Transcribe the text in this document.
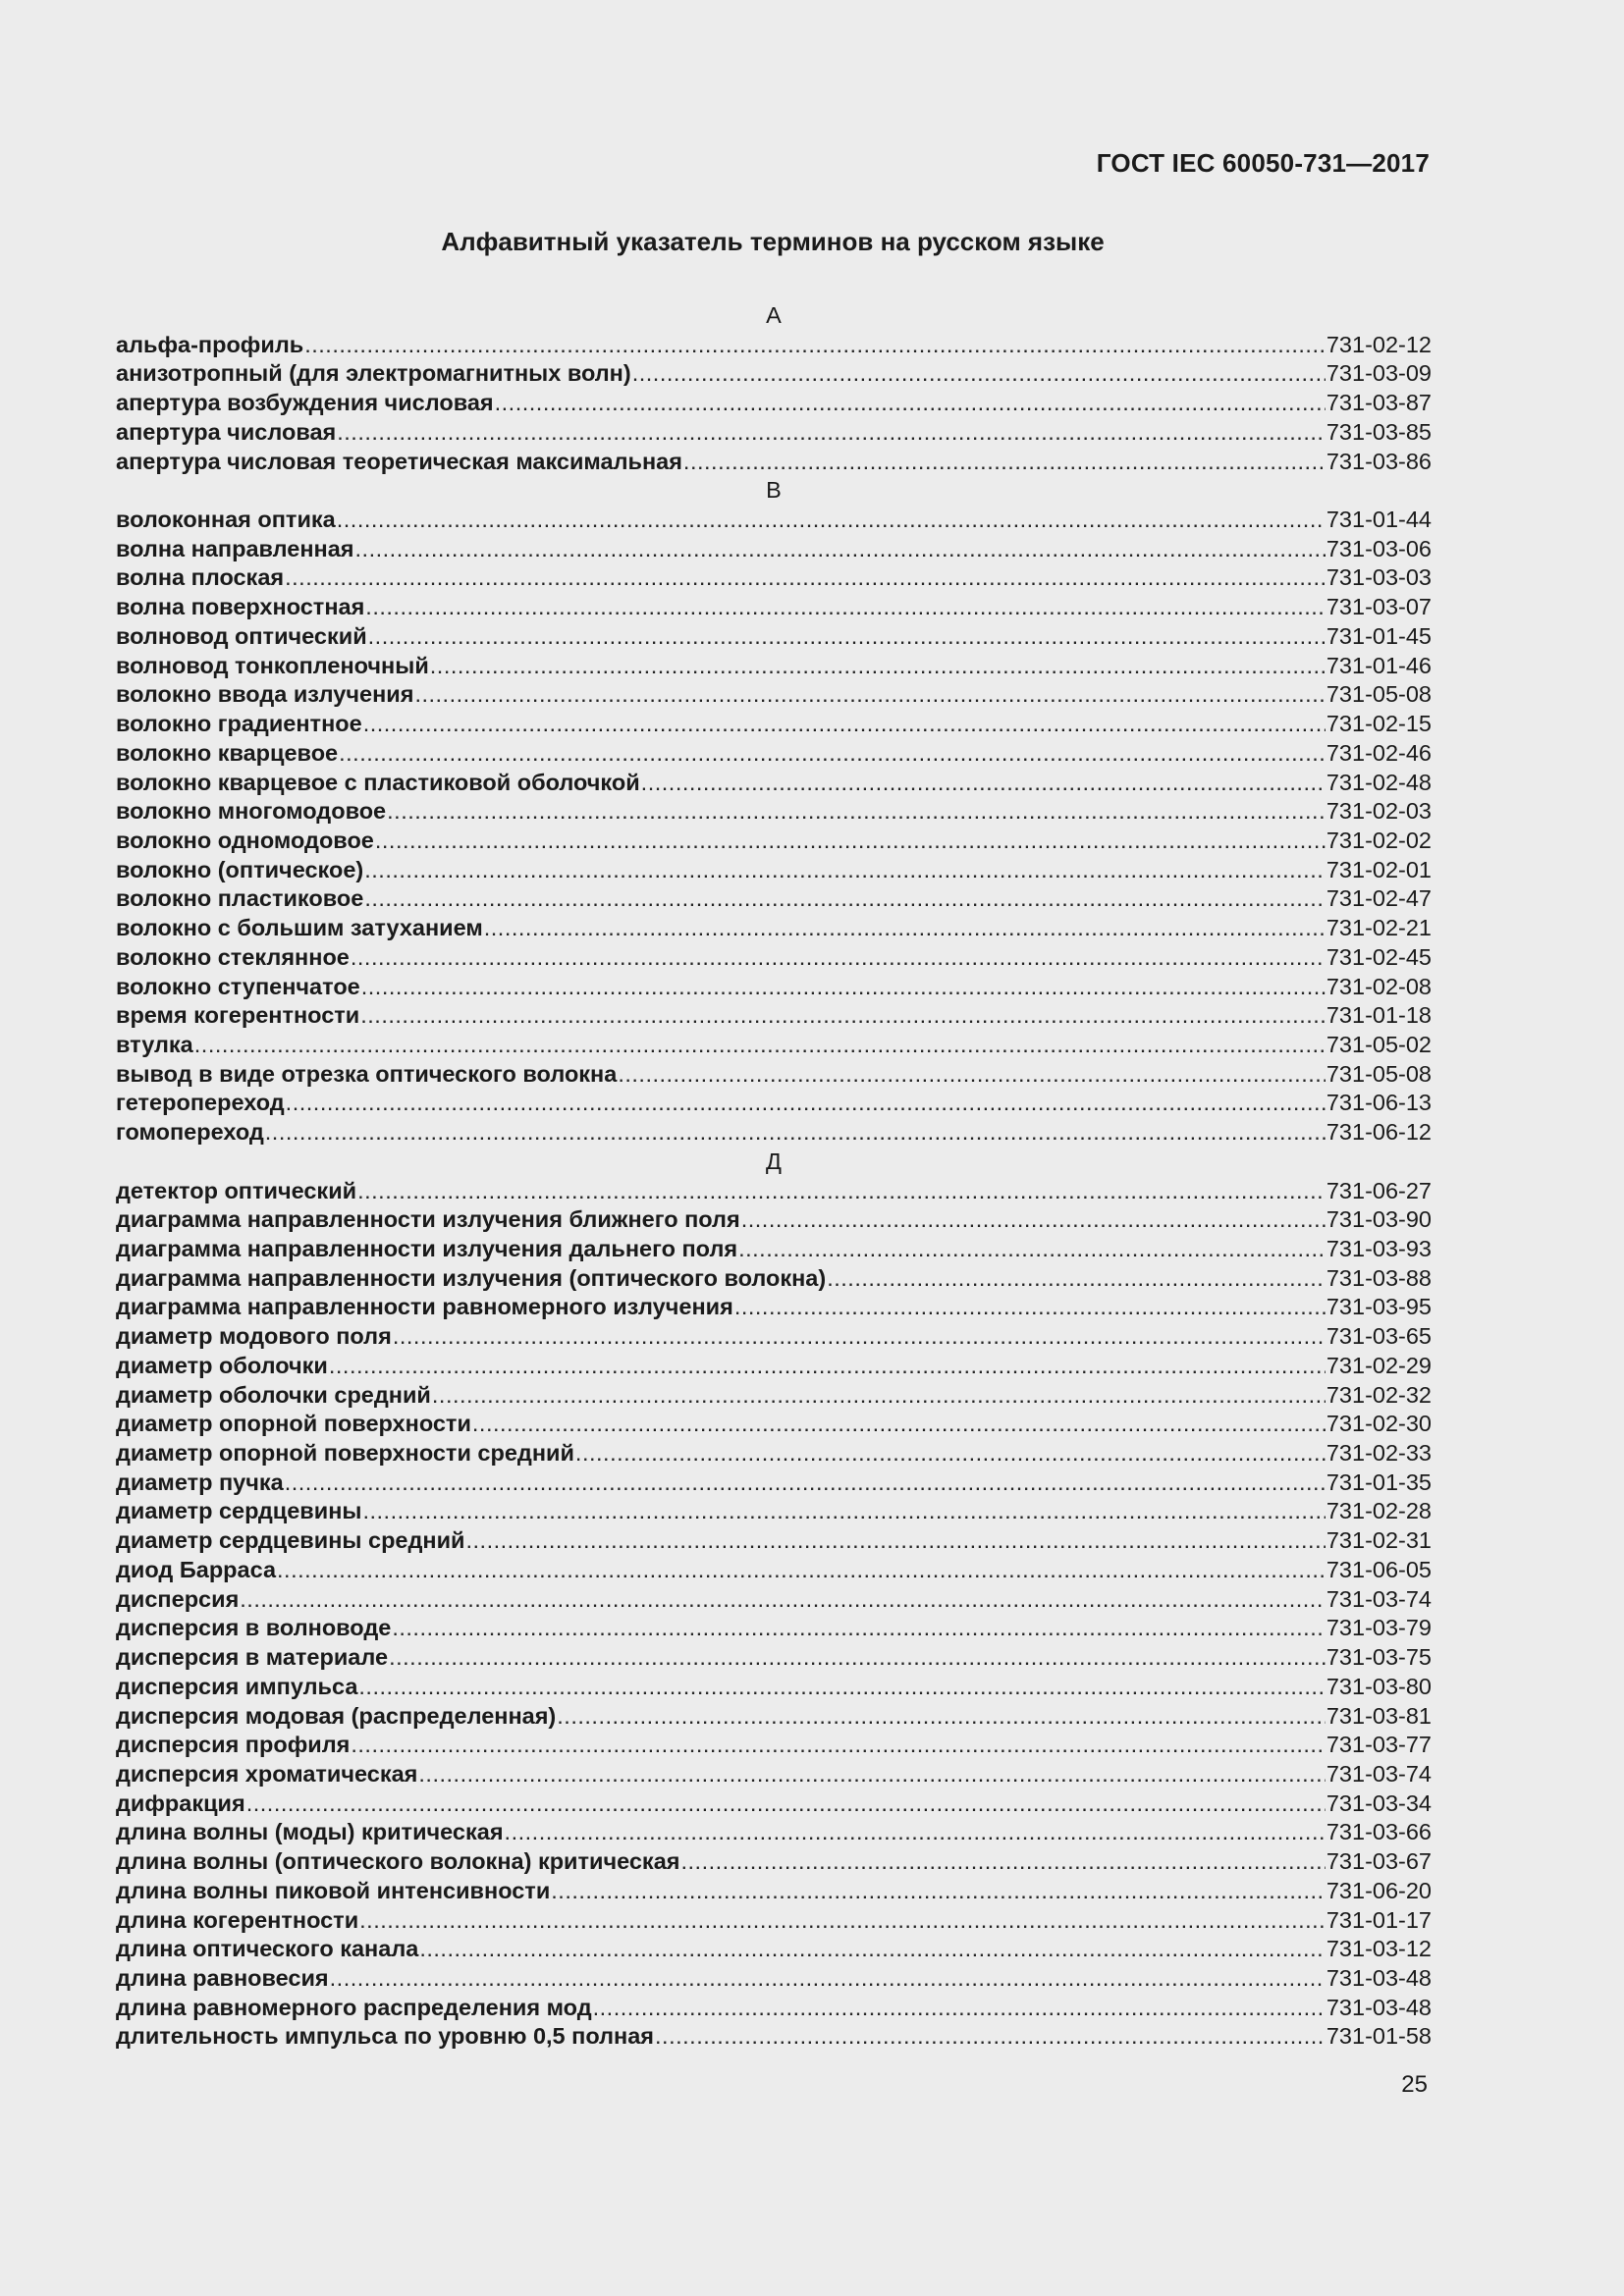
ГОСТ IEC 60050-731—2017
Алфавитный указатель терминов на русском языке
А
альфа-профиль .....	731-02-12
анизотропный (для электромагнитных волн) .....	731-03-09
апертура возбуждения числовая .....	731-03-87
апертура числовая .....	731-03-85
апертура числовая теоретическая максимальная .....	731-03-86
В
волоконная оптика .....	731-01-44
волна направленная .....	731-03-06
волна плоская .....	731-03-03
волна поверхностная .....	731-03-07
волновод оптический .....	731-01-45
волновод тонкопленочный .....	731-01-46
волокно ввода излучения .....	731-05-08
волокно градиентное .....	731-02-15
волокно кварцевое .....	731-02-46
волокно кварцевое с пластиковой оболочкой .....	731-02-48
волокно многомодовое .....	731-02-03
волокно одномодовое .....	731-02-02
волокно (оптическое) .....	731-02-01
волокно пластиковое .....	731-02-47
волокно с большим затуханием .....	731-02-21
волокно стеклянное .....	731-02-45
волокно ступенчатое .....	731-02-08
время когерентности .....	731-01-18
втулка .....	731-05-02
вывод в виде отрезка оптического волокна .....	731-05-08
гетеропереход .....	731-06-13
гомопереход .....	731-06-12
Д
детектор оптический .....	731-06-27
диаграмма направленности излучения ближнего поля .....	731-03-90
диаграмма направленности излучения дальнего поля .....	731-03-93
диаграмма направленности излучения (оптического волокна) .....	731-03-88
диаграмма направленности равномерного излучения .....	731-03-95
диаметр модового поля .....	731-03-65
диаметр оболочки .....	731-02-29
диаметр оболочки средний .....	731-02-32
диаметр опорной поверхности .....	731-02-30
диаметр опорной поверхности средний .....	731-02-33
диаметр пучка .....	731-01-35
диаметр сердцевины .....	731-02-28
диаметр сердцевины средний .....	731-02-31
диод Барраса .....	731-06-05
дисперсия .....	731-03-74
дисперсия в волноводе .....	731-03-79
дисперсия в материале .....	731-03-75
дисперсия импульса .....	731-03-80
дисперсия модовая (распределенная) .....	731-03-81
дисперсия профиля .....	731-03-77
дисперсия хроматическая .....	731-03-74
дифракция .....	731-03-34
длина волны (моды) критическая .....	731-03-66
длина волны (оптического волокна) критическая .....	731-03-67
длина волны пиковой интенсивности .....	731-06-20
длина когерентности .....	731-01-17
длина оптического канала .....	731-03-12
длина равновесия .....	731-03-48
длина равномерного распределения мод .....	731-03-48
длительность импульса по уровню 0,5 полная .....	731-01-58
25
